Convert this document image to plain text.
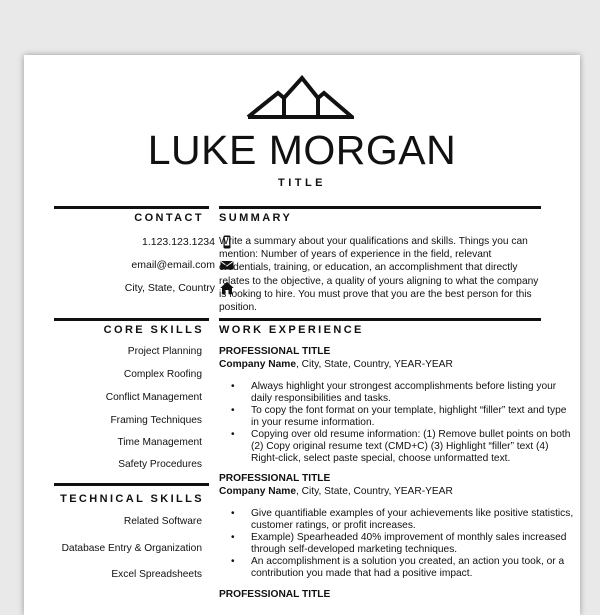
LUKE MORGAN
TITLE
CONTACT SUMMARY
1.123.123.1234
email@email.com
City, State, Country
Write a summary about your qualifications and skills. Things you can mention: Number of years of experience in the field, relevant credentials, training, or education, an accomplishment that directly relates to the objective, a quality of yours aligning to what the company is looking to hire. You must prove that you are the best person for this position.
CORE SKILLS WORK EXPERIENCE
Project Planning
Complex Roofing
Conflict Management
Framing Techniques
Time Management
Safety Procedures
TECHNICAL SKILLS
Related Software
Database Entry & Organization
Excel Spreadsheets
PROFESSIONAL TITLE
Company Name, City, State, Country, YEAR-YEAR
• Always highlight your strongest accomplishments before listing your daily responsibilities and tasks.
• To copy the font format on your template, highlight “filler” text and type in your resume information.
• Copying over old resume information: (1) Remove bullet points on both (2) Copy original resume text (CMD+C) (3) Highlight “filler” text (4) Right-click, select paste special, choose unformatted text.
PROFESSIONAL TITLE
Company Name, City, State, Country, YEAR-YEAR
• Give quantifiable examples of your achievements like positive statistics, customer ratings, or profit increases.
• Example) Spearheaded 40% improvement of monthly sales increased through self-developed marketing techniques.
• An accomplishment is a solution you created, an action you took, or a contribution you made that had a positive impact.
PROFESSIONAL TITLE
